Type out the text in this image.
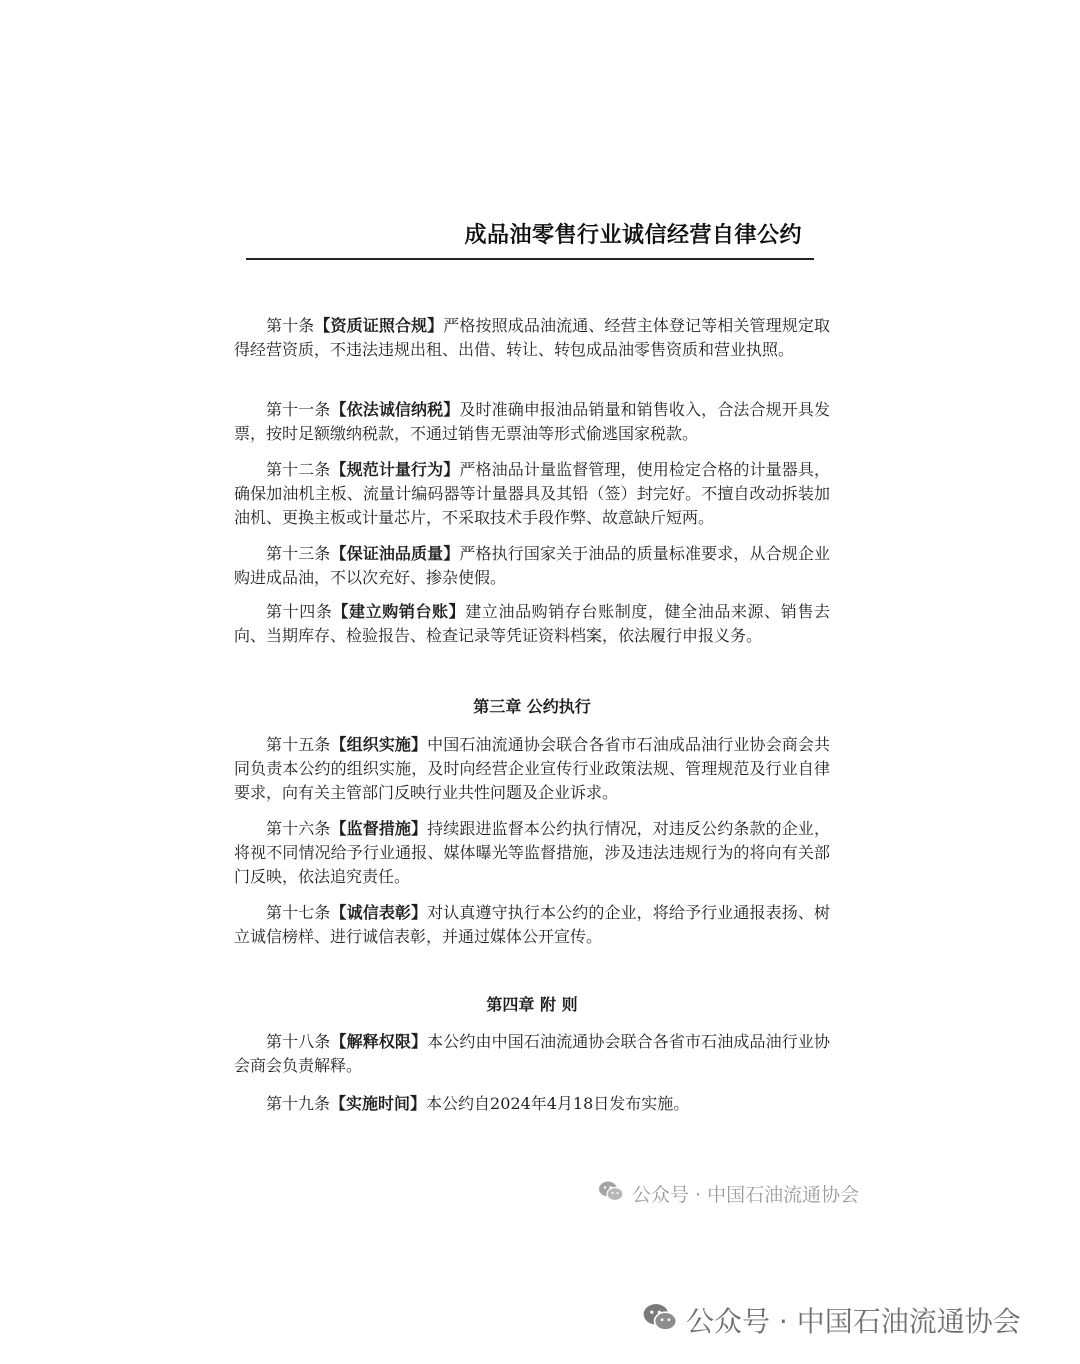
成品油零售行业诚信经营自律公约

第十条【资质证照合规】严格按照成品油流通、经营主体登记等相关管理规定取得经营资质，不违法违规出租、出借、转让、转包成品油零售资质和营业执照。

第十一条【依法诚信纳税】及时准确申报油品销量和销售收入，合法合规开具发票，按时足额缴纳税款，不通过销售无票油等形式偷逃国家税款。

第十二条【规范计量行为】严格油品计量监督管理，使用检定合格的计量器具，确保加油机主板、流量计编码器等计量器具及其铅（签）封完好。不擅自改动拆装加油机、更换主板或计量芯片，不采取技术手段作弊、故意缺斤短两。

第十三条【保证油品质量】严格执行国家关于油品的质量标准要求，从合规企业购进成品油，不以次充好、掺杂使假。

第十四条【建立购销台账】建立油品购销存台账制度，健全油品来源、销售去向、当期库存、检验报告、检查记录等凭证资料档案，依法履行申报义务。

第三章 公约执行

第十五条【组织实施】中国石油流通协会联合各省市石油成品油行业协会商会共同负责本公约的组织实施，及时向经营企业宣传行业政策法规、管理规范及行业自律要求，向有关主管部门反映行业共性问题及企业诉求。

第十六条【监督措施】持续跟进监督本公约执行情况，对违反公约条款的企业，将视不同情况给予行业通报、媒体曝光等监督措施，涉及违法违规行为的将向有关部门反映，依法追究责任。

第十七条【诚信表彰】对认真遵守执行本公约的企业，将给予行业通报表扬、树立诚信榜样、进行诚信表彰，并通过媒体公开宣传。

第四章 附 则

第十八条【解释权限】本公约由中国石油流通协会联合各省市石油成品油行业协会商会负责解释。

第十九条【实施时间】本公约自2024年4月18日发布实施。

公众号 · 中国石油流通协会
公众号 · 中国石油流通协会
